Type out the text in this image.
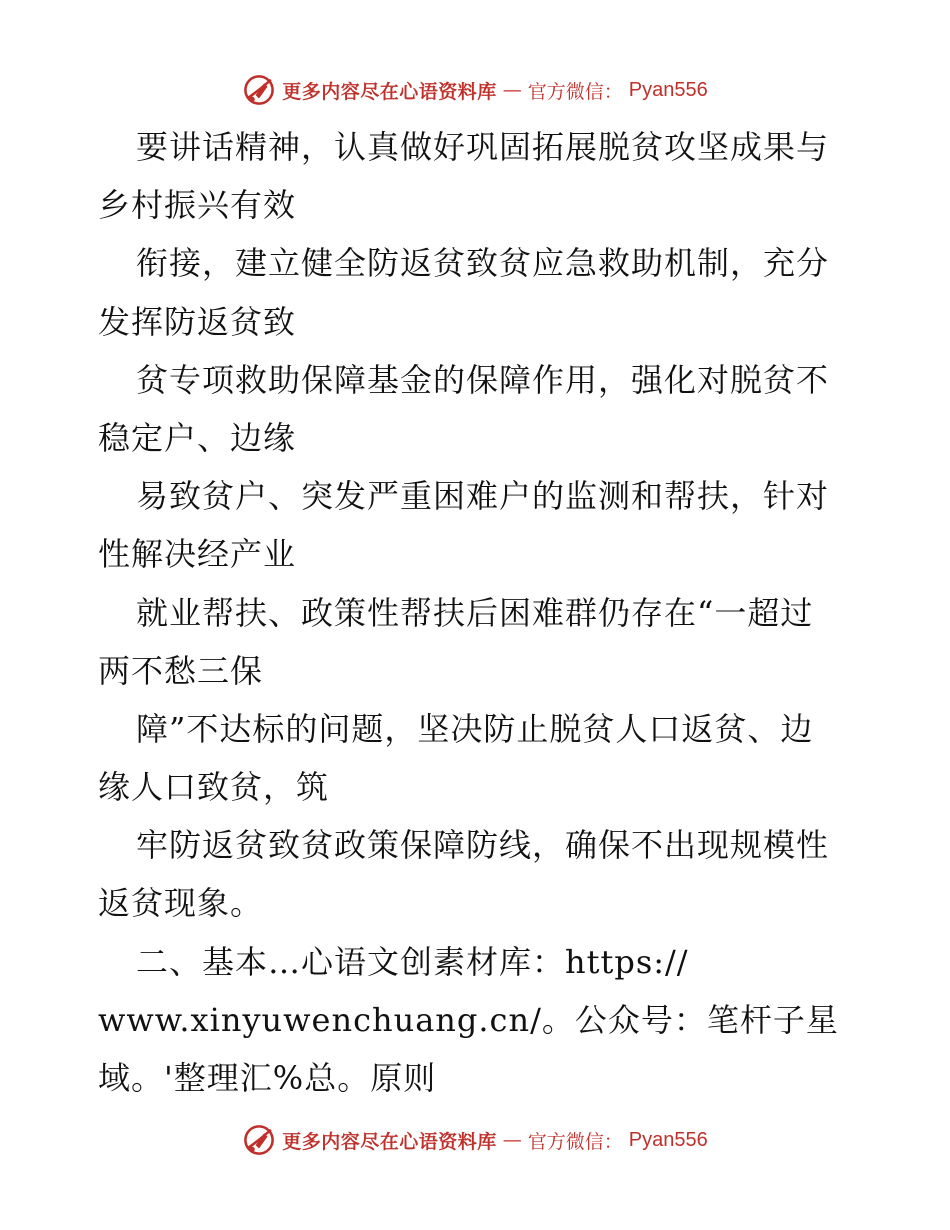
更多内容尽在心语资料库 — 官方微信： Pyan556
要讲话精神，认真做好巩固拓展脱贫攻坚成果与
乡村振兴有效
衔接，建立健全防返贫致贫应急救助机制，充分
发挥防返贫致
贫专项救助保障基金的保障作用，强化对脱贫不
稳定户、边缘
易致贫户、突发严重困难户的监测和帮扶，针对
性解决经产业
就业帮扶、政策性帮扶后困难群仍存在“一超过
两不愁三保
障”不达标的问题，坚决防止脱贫人口返贫、边
缘人口致贫，筑
牢防返贫致贫政策保障防线，确保不出现规模性
返贫现象。
二、基本…心语文创素材库：https://
www.xinyuwenchuang.cn/。公众号：笔杆子星
域。'整理汇%总。原则
更多内容尽在心语资料库 — 官方微信： Pyan556
